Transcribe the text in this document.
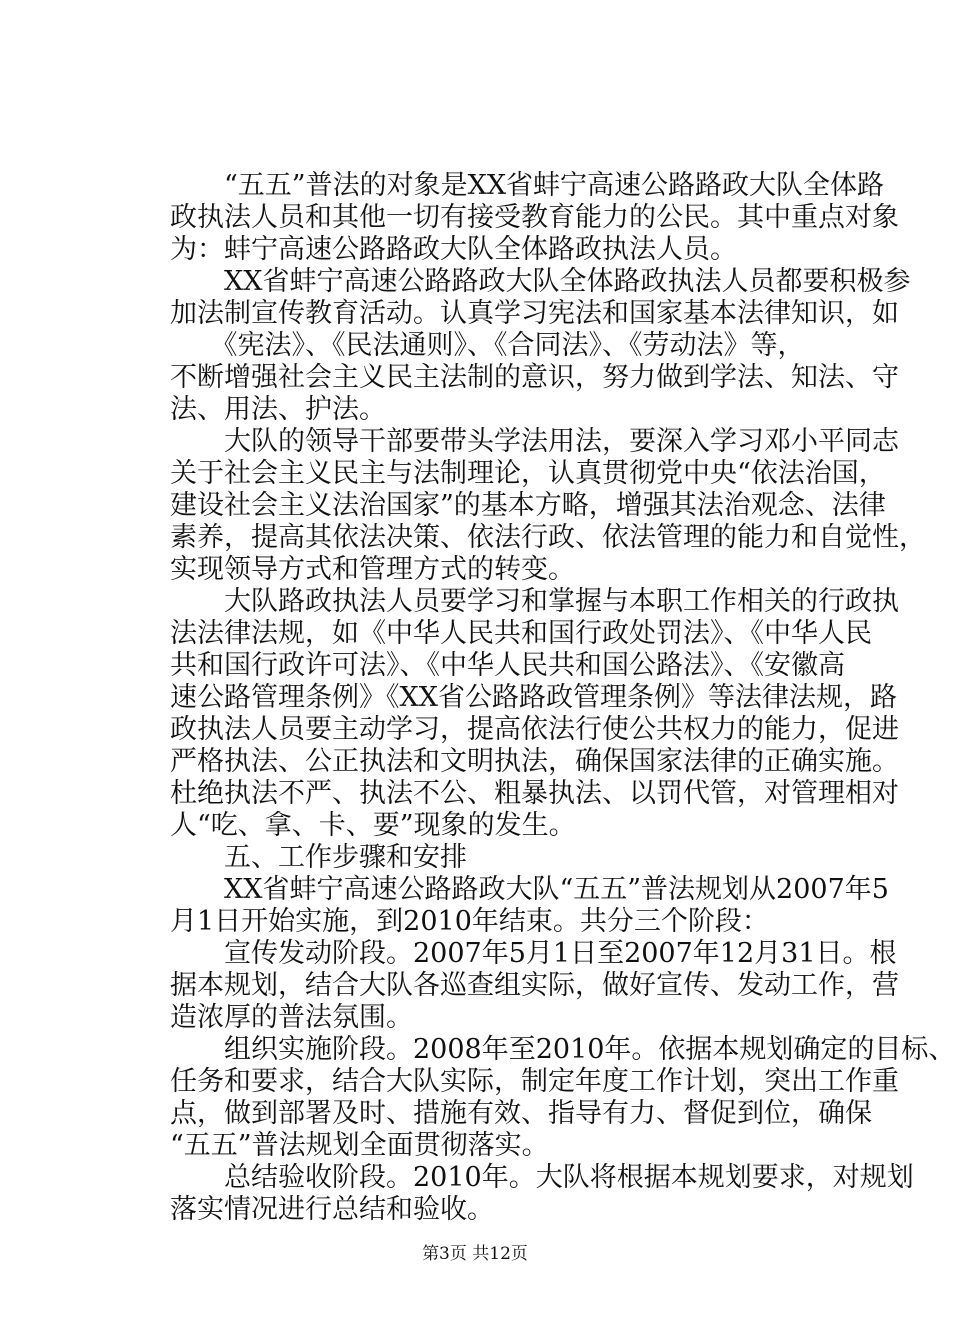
　　“五五”普法的对象是XX省蚌宁高速公路路政大队全体路
政执法人员和其他一切有接受教育能力的公民。其中重点对象
为：蚌宁高速公路路政大队全体路政执法人员。
　　XX省蚌宁高速公路路政大队全体路政执法人员都要积极参
加法制宣传教育活动。认真学习宪法和国家基本法律知识，如
　　《宪法》、《民法通则》、《合同法》、《劳动法》等，
不断增强社会主义民主法制的意识，努力做到学法、知法、守
法、用法、护法。
　　大队的领导干部要带头学法用法，要深入学习邓小平同志
关于社会主义民主与法制理论，认真贯彻党中央“依法治国，
建设社会主义法治国家”的基本方略，增强其法治观念、法律
素养，提高其依法决策、依法行政、依法管理的能力和自觉性，
实现领导方式和管理方式的转变。
　　大队路政执法人员要学习和掌握与本职工作相关的行政执
法法律法规，如《中华人民共和国行政处罚法》、《中华人民
共和国行政许可法》、《中华人民共和国公路法》、《安徽高
速公路管理条例》《XX省公路路政管理条例》等法律法规，路
政执法人员要主动学习，提高依法行使公共权力的能力，促进
严格执法、公正执法和文明执法，确保国家法律的正确实施。
杜绝执法不严、执法不公、粗暴执法、以罚代管，对管理相对
人“吃、拿、卡、要”现象的发生。
　　五、工作步骤和安排
　　XX省蚌宁高速公路路政大队“五五”普法规划从2007年5
月1日开始实施，到2010年结束。共分三个阶段：
　　宣传发动阶段。2007年5月1日至2007年12月31日。根
据本规划，结合大队各巡查组实际，做好宣传、发动工作，营
造浓厚的普法氛围。
　　组织实施阶段。2008年至2010年。依据本规划确定的目标、
任务和要求，结合大队实际，制定年度工作计划，突出工作重
点，做到部署及时、措施有效、指导有力、督促到位，确保
“五五”普法规划全面贯彻落实。
　　总结验收阶段。2010年。大队将根据本规划要求，对规划
落实情况进行总结和验收。
第3页 共12页
